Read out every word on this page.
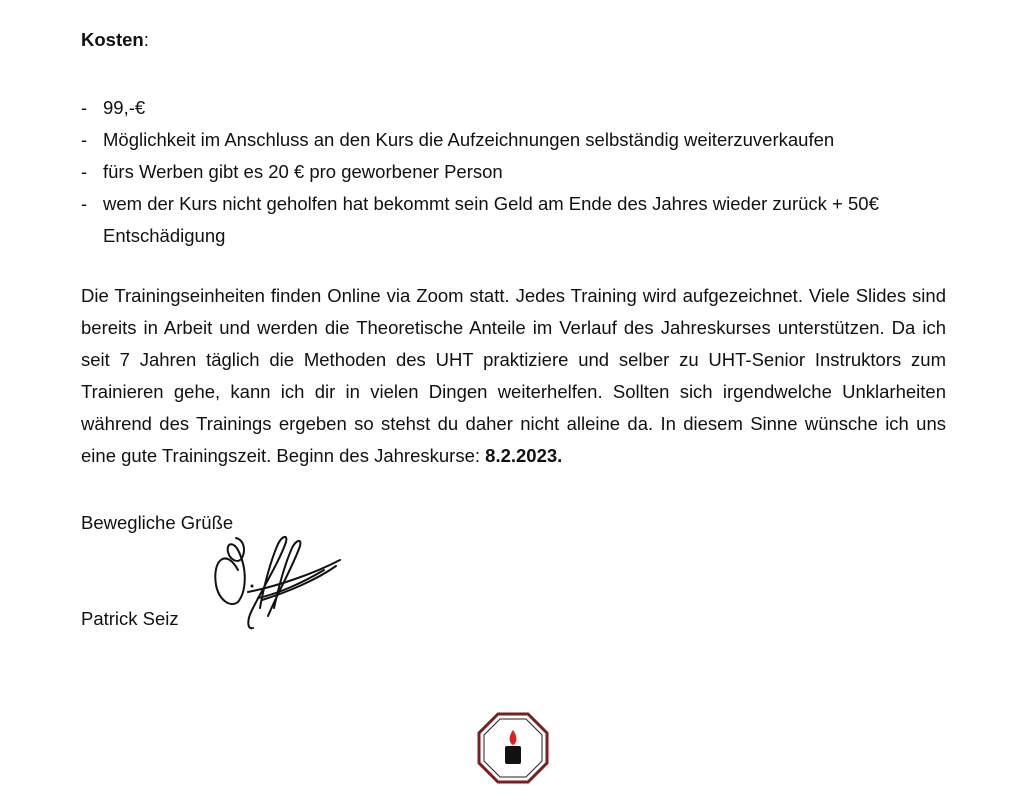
Kosten:

- 99,-€
- Möglichkeit im Anschluss an den Kurs die Aufzeichnungen selbständig weiterzuverkaufen
- fürs Werben gibt es 20 € pro geworbener Person
- wem der Kurs nicht geholfen hat bekommt sein Geld am Ende des Jahres wieder zurück + 50€ Entschädigung

Die Trainingseinheiten finden Online via Zoom statt. Jedes Training wird aufgezeichnet. Viele Slides sind bereits in Arbeit und werden die Theoretische Anteile im Verlauf des Jahreskurses unterstützen. Da ich seit 7 Jahren täglich die Methoden des UHT praktiziere und selber zu UHT-Senior Instruktors zum Trainieren gehe, kann ich dir in vielen Dingen weiterhelfen. Sollten sich irgendwelche Unklarheiten während des Trainings ergeben so stehst du daher nicht alleine da. In diesem Sinne wünsche ich uns eine gute Trainingszeit. Beginn des Jahreskurse: 8.2.2023.

Bewegliche Grüße

Patrick Seiz
